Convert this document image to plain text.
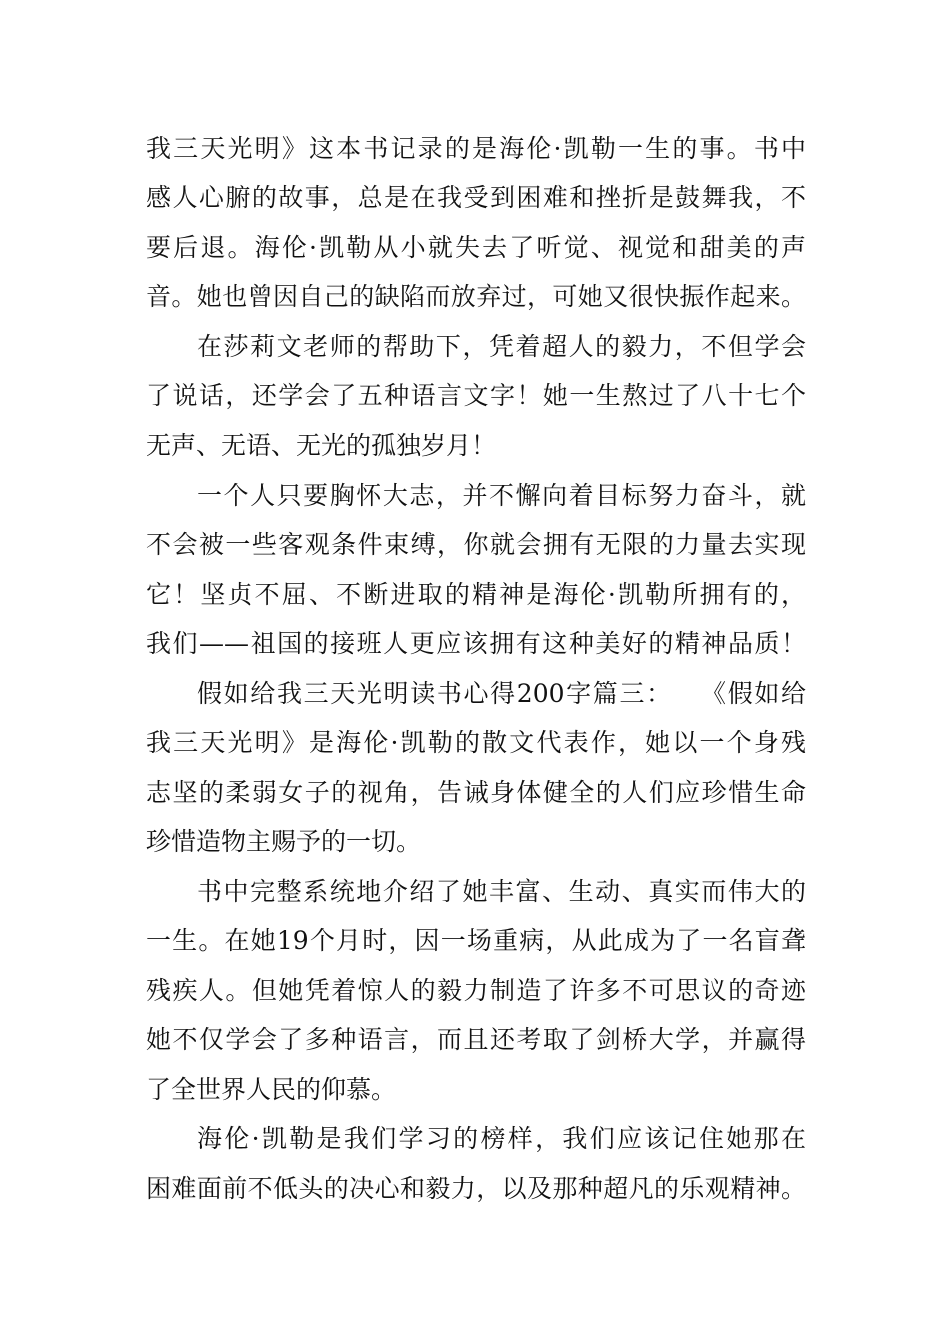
我三天光明》这本书记录的是海伦·凯勒一生的事。书中
感人心腑的故事，总是在我受到困难和挫折是鼓舞我，不
要后退。海伦·凯勒从小就失去了听觉、视觉和甜美的声
音。她也曾因自己的缺陷而放弃过，可她又很快振作起来。
在莎莉文老师的帮助下，凭着超人的毅力，不但学会
了说话，还学会了五种语言文字！她一生熬过了八十七个
无声、无语、无光的孤独岁月！
一个人只要胸怀大志，并不懈向着目标努力奋斗，就
不会被一些客观条件束缚，你就会拥有无限的力量去实现
它！坚贞不屈、不断进取的精神是海伦·凯勒所拥有的，
我们——祖国的接班人更应该拥有这种美好的精神品质！
假如给我三天光明读书心得200字篇三：　　《假如给
我三天光明》是海伦·凯勒的散文代表作，她以一个身残
志坚的柔弱女子的视角，告诫身体健全的人们应珍惜生命
珍惜造物主赐予的一切。
书中完整系统地介绍了她丰富、生动、真实而伟大的
一生。在她19个月时，因一场重病，从此成为了一名盲聋
残疾人。但她凭着惊人的毅力制造了许多不可思议的奇迹
她不仅学会了多种语言，而且还考取了剑桥大学，并赢得
了全世界人民的仰慕。
海伦·凯勒是我们学习的榜样，我们应该记住她那在
困难面前不低头的决心和毅力，以及那种超凡的乐观精神。
